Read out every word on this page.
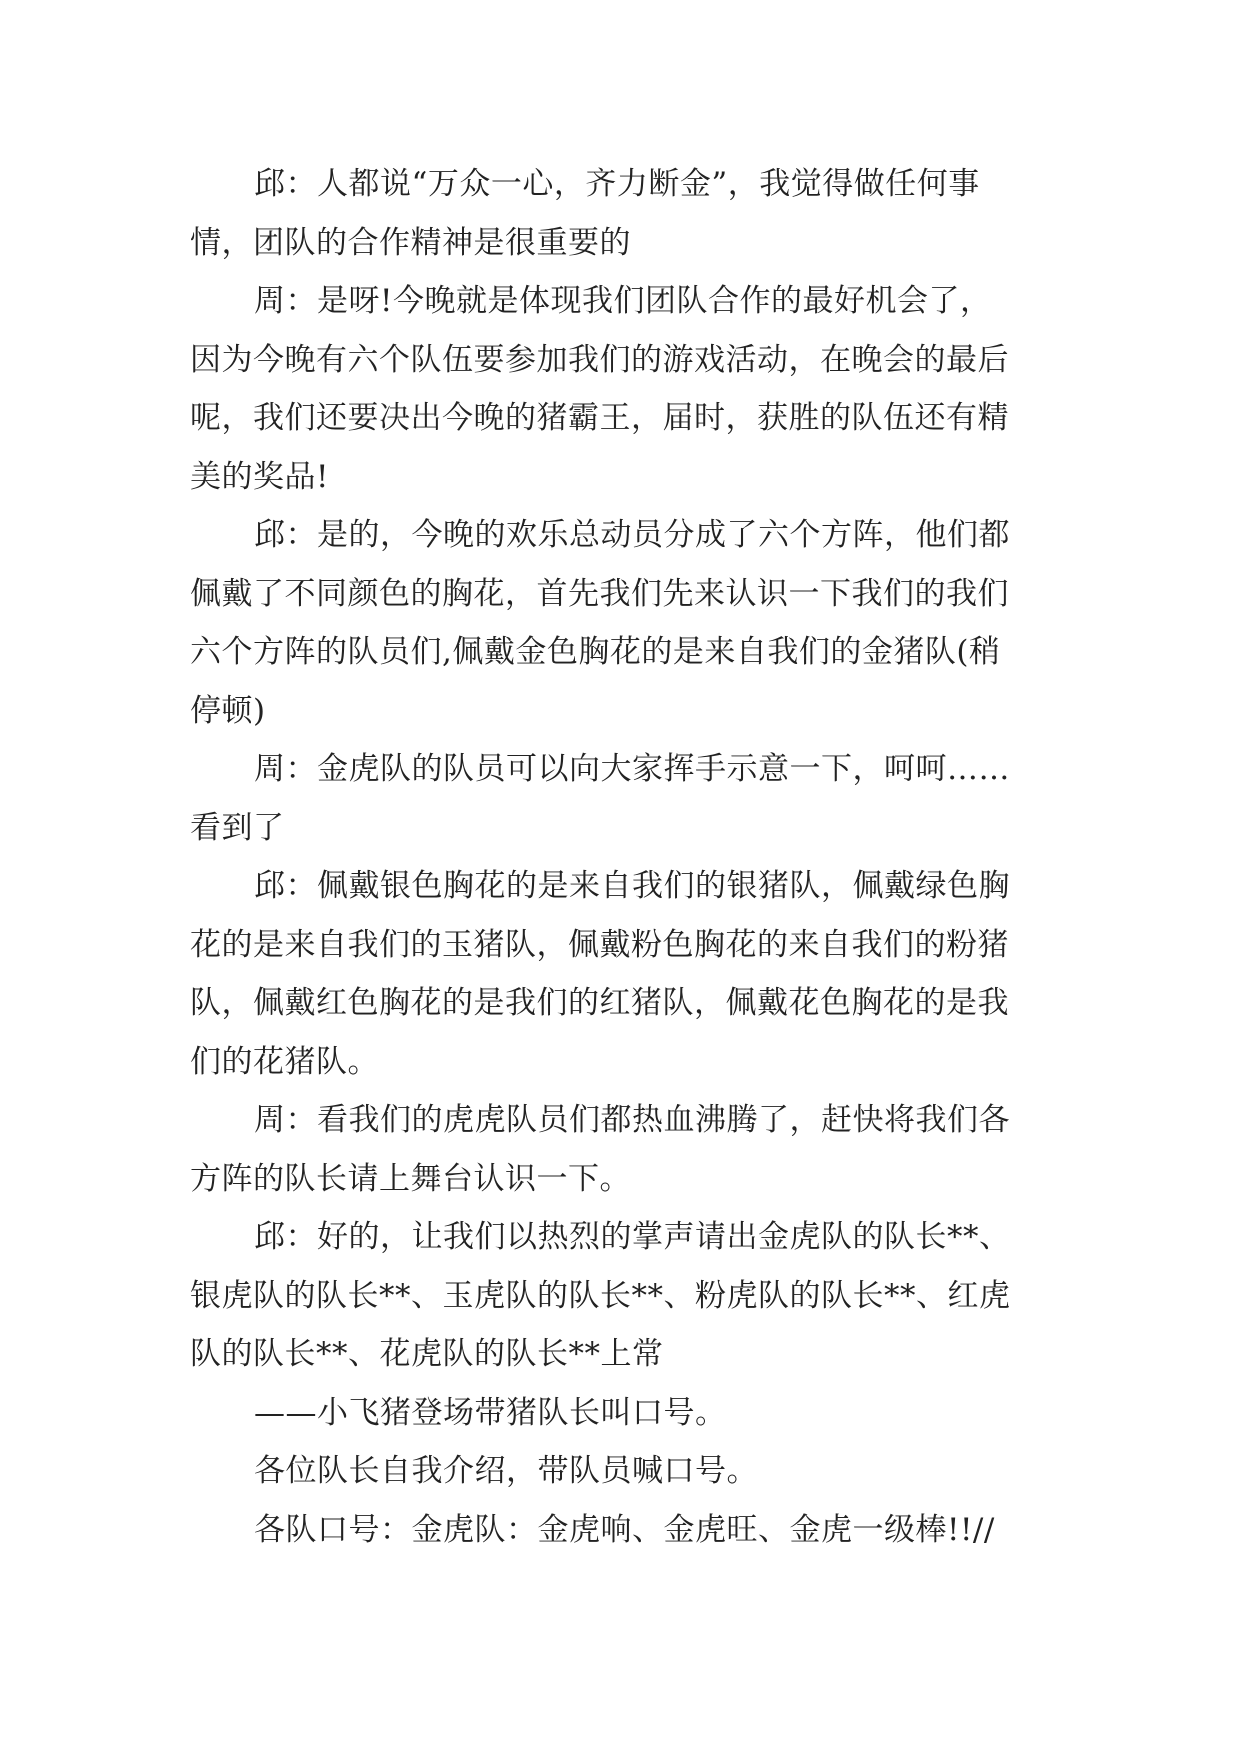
邱：人都说“万众一心，齐力断金”，我觉得做任何事
情，团队的合作精神是很重要的

周：是呀!今晚就是体现我们团队合作的最好机会了，
因为今晚有六个队伍要参加我们的游戏活动，在晚会的最后
呢，我们还要决出今晚的猪霸王，届时，获胜的队伍还有精
美的奖品!

邱：是的，今晚的欢乐总动员分成了六个方阵，他们都
佩戴了不同颜色的胸花，首先我们先来认识一下我们的我们
六个方阵的队员们,佩戴金色胸花的是来自我们的金猪队(稍
停顿)

周：金虎队的队员可以向大家挥手示意一下，呵呵……
看到了

邱：佩戴银色胸花的是来自我们的银猪队，佩戴绿色胸
花的是来自我们的玉猪队，佩戴粉色胸花的来自我们的粉猪
队，佩戴红色胸花的是我们的红猪队，佩戴花色胸花的是我
们的花猪队。

周：看我们的虎虎队员们都热血沸腾了，赶快将我们各
方阵的队长请上舞台认识一下。

邱：好的，让我们以热烈的掌声请出金虎队的队长**、
银虎队的队长**、玉虎队的队长**、粉虎队的队长**、红虎
队的队长**、花虎队的队长**上常

——小飞猪登场带猪队长叫口号。

各位队长自我介绍，带队员喊口号。

各队口号：金虎队：金虎响、金虎旺、金虎一级棒!!//
